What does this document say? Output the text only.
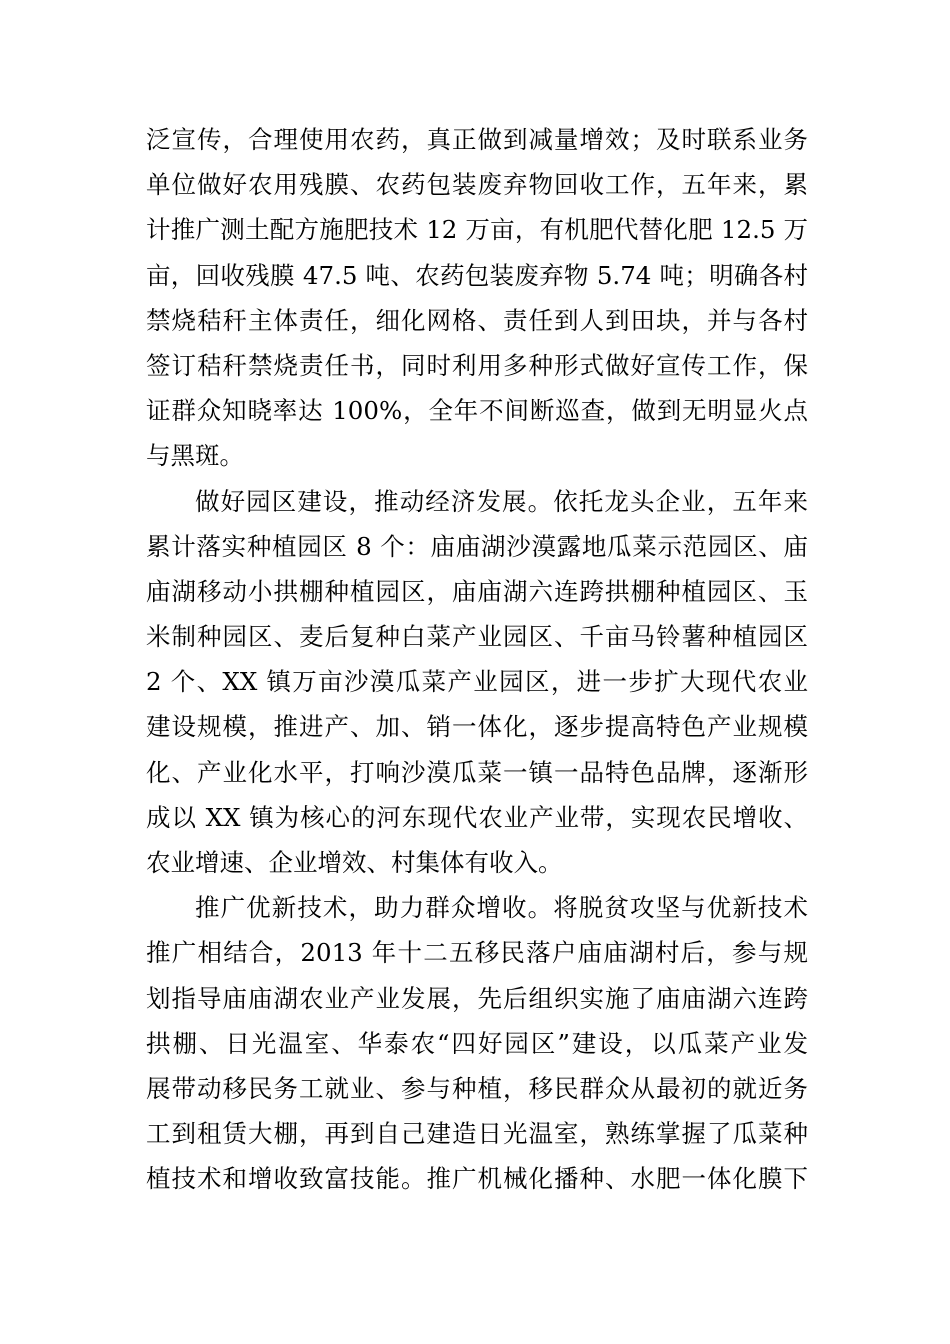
泛宣传，合理使用农药，真正做到减量增效；及时联系业务
单位做好农用残膜、农药包装废弃物回收工作，五年来，累
计推广测土配方施肥技术 12 万亩，有机肥代替化肥 12.5 万
亩，回收残膜 47.5 吨、农药包装废弃物 5.74 吨；明确各村
禁烧秸秆主体责任，细化网格、责任到人到田块，并与各村
签订秸秆禁烧责任书，同时利用多种形式做好宣传工作，保
证群众知晓率达 100%，全年不间断巡查，做到无明显火点
与黑斑。
做好园区建设，推动经济发展。依托龙头企业，五年来
累计落实种植园区 8 个：庙庙湖沙漠露地瓜菜示范园区、庙
庙湖移动小拱棚种植园区，庙庙湖六连跨拱棚种植园区、玉
米制种园区、麦后复种白菜产业园区、千亩马铃薯种植园区
2 个、XX 镇万亩沙漠瓜菜产业园区，进一步扩大现代农业
建设规模，推进产、加、销一体化，逐步提高特色产业规模
化、产业化水平，打响沙漠瓜菜一镇一品特色品牌，逐渐形
成以 XX 镇为核心的河东现代农业产业带，实现农民增收、
农业增速、企业增效、村集体有收入。
推广优新技术，助力群众增收。将脱贫攻坚与优新技术
推广相结合，2013 年十二五移民落户庙庙湖村后，参与规
划指导庙庙湖农业产业发展，先后组织实施了庙庙湖六连跨
拱棚、日光温室、华泰农“四好园区”建设，以瓜菜产业发
展带动移民务工就业、参与种植，移民群众从最初的就近务
工到租赁大棚，再到自己建造日光温室，熟练掌握了瓜菜种
植技术和增收致富技能。推广机械化播种、水肥一体化膜下
